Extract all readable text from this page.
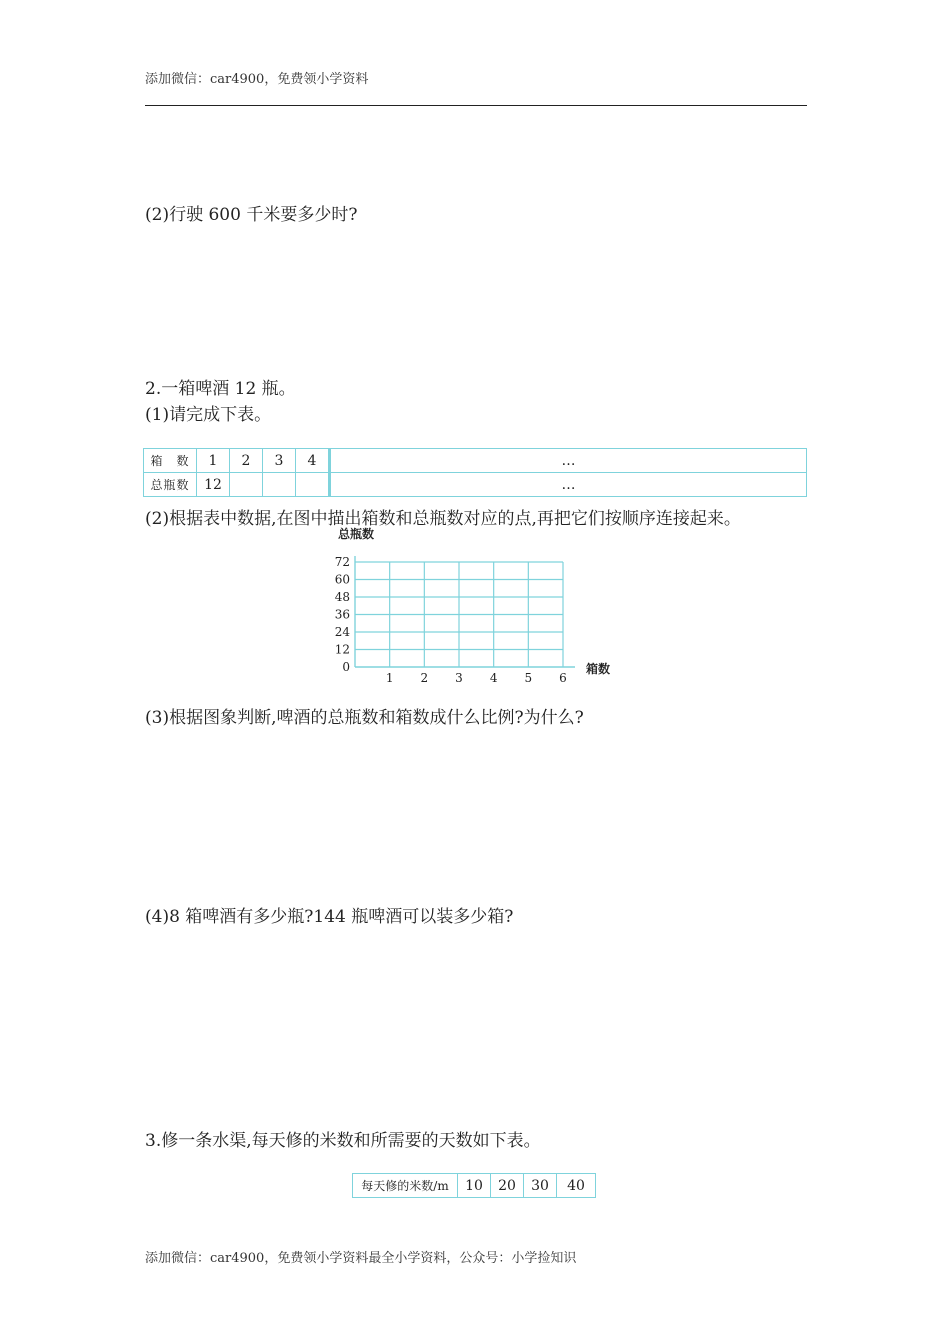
添加微信：car4900，免费领小学资料
(2)行驶 600 千米要多少时?
2.一箱啤酒 12 瓶。
(1)请完成下表。
箱　数	1	2	3	4			…
总瓶数	12						…
(2)根据表中数据,在图中描出箱数和总瓶数对应的点,再把它们按顺序连接起来。
总瓶数
箱数
0
12
24
36
48
60
72
1 2 3 4 5 6
(3)根据图象判断,啤酒的总瓶数和箱数成什么比例?为什么?
(4)8 箱啤酒有多少瓶?144 瓶啤酒可以装多少箱?
3.修一条水渠,每天修的米数和所需要的天数如下表。
每天修的米数/m	10	20	30	40
添加微信：car4900，免费领小学资料最全小学资料，公众号：小学捡知识
